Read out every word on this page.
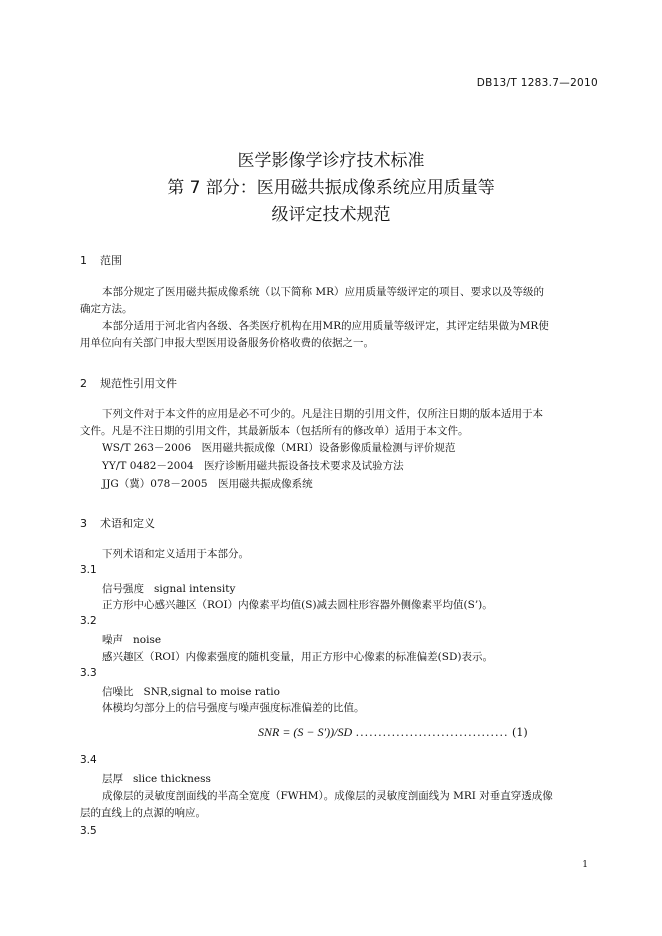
DB13/T 1283.7—2010
医学影像学诊疗技术标准
第 7 部分：医用磁共振成像系统应用质量等
级评定技术规范
1 范围
本部分规定了医用磁共振成像系统（以下简称 MR）应用质量等级评定的项目、要求以及等级的
确定方法。
本部分适用于河北省内各级、各类医疗机构在用MR的应用质量等级评定，其评定结果做为MR使
用单位向有关部门申报大型医用设备服务价格收费的依据之一。
2 规范性引用文件
下列文件对于本文件的应用是必不可少的。凡是注日期的引用文件，仅所注日期的版本适用于本
文件。凡是不注日期的引用文件，其最新版本（包括所有的修改单）适用于本文件。
WS/T 263－2006　医用磁共振成像（MRI）设备影像质量检测与评价规范
YY/T 0482－2004　医疗诊断用磁共振设备技术要求及试验方法
JJG（冀）078－2005　医用磁共振成像系统
3 术语和定义
下列术语和定义适用于本部分。
3.1
信号强度 signal intensity
正方形中心感兴趣区（ROI）内像素平均值(S)减去圆柱形容器外侧像素平均值(S’)。
3.2
噪声 noise
感兴趣区（ROI）内像素强度的随机变量，用正方形中心像素的标准偏差(SD)表示。
3.3
信噪比 SNR,signal to moise ratio
体模均匀部分上的信号强度与噪声强度标准偏差的比值。
SNR = (S − S′))/SD .................................. (1)
3.4
层厚 slice thickness
成像层的灵敏度剖面线的半高全宽度（FWHM）。成像层的灵敏度剖面线为 MRI 对垂直穿透成像
层的直线上的点源的响应。
3.5
1
